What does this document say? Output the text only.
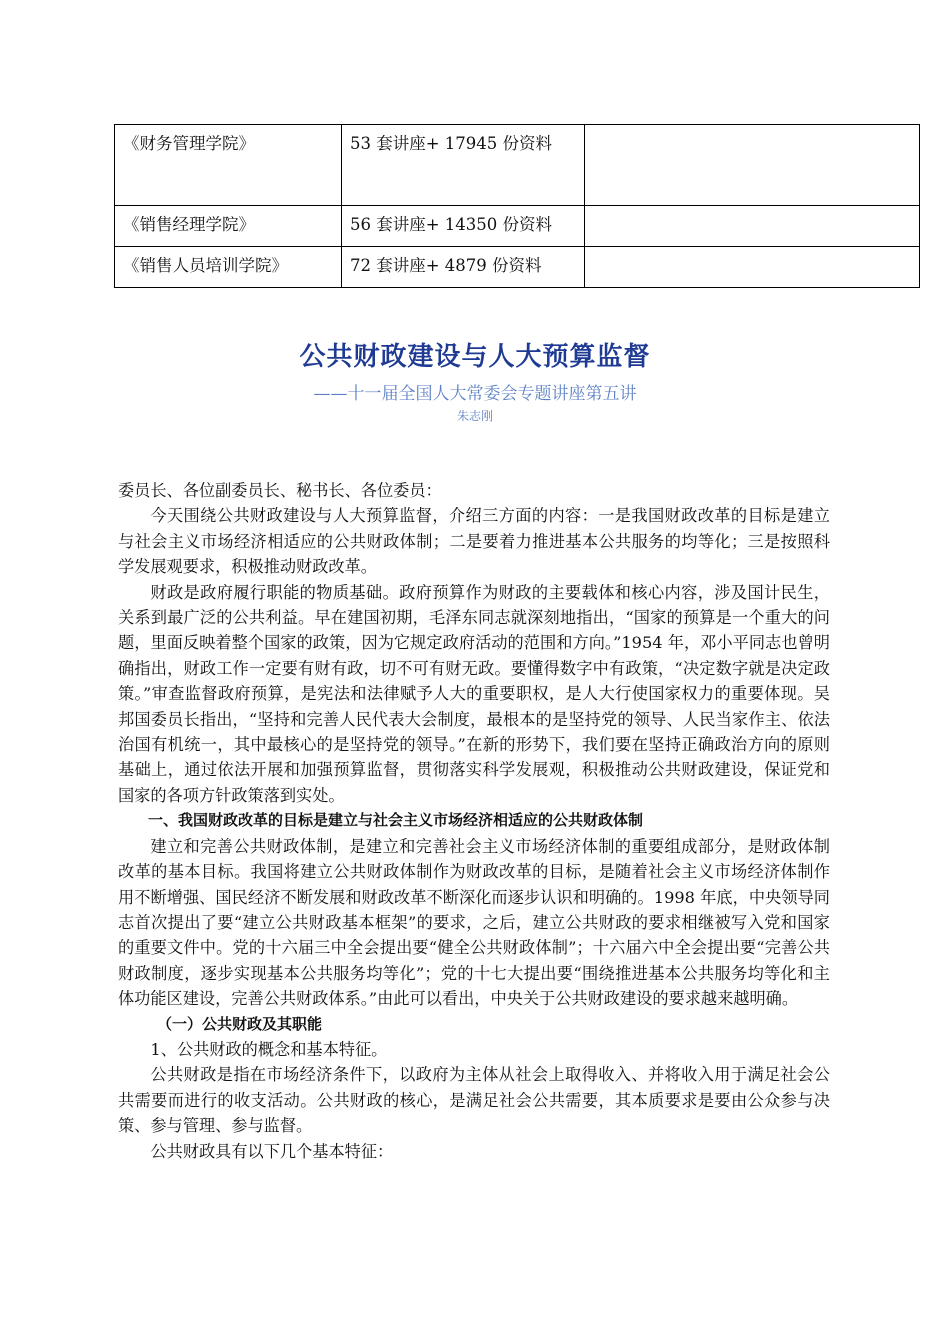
《财务管理学院》	53 套讲座+ 17945 份资料	
《销售经理学院》	56 套讲座+ 14350 份资料	
《销售人员培训学院》	72 套讲座+ 4879 份资料	
公共财政建设与人大预算监督
——十一届全国人大常委会专题讲座第五讲
朱志刚

委员长、各位副委员长、秘书长、各位委员：

今天围绕公共财政建设与人大预算监督，介绍三方面的内容：一是我国财政改革的目标是建立与社会主义市场经济相适应的公共财政体制；二是要着力推进基本公共服务的均等化；三是按照科学发展观要求，积极推动财政改革。

财政是政府履行职能的物质基础。政府预算作为财政的主要载体和核心内容，涉及国计民生，关系到最广泛的公共利益。早在建国初期，毛泽东同志就深刻地指出，“国家的预算是一个重大的问题，里面反映着整个国家的政策，因为它规定政府活动的范围和方向。”1954 年，邓小平同志也曾明确指出，财政工作一定要有财有政，切不可有财无政。要懂得数字中有政策，“决定数字就是决定政策。”审查监督政府预算，是宪法和法律赋予人大的重要职权，是人大行使国家权力的重要体现。吴邦国委员长指出，“坚持和完善人民代表大会制度，最根本的是坚持党的领导、人民当家作主、依法治国有机统一，其中最核心的是坚持党的领导。”在新的形势下，我们要在坚持正确政治方向的原则基础上，通过依法开展和加强预算监督，贯彻落实科学发展观，积极推动公共财政建设，保证党和国家的各项方针政策落到实处。

一、我国财政改革的目标是建立与社会主义市场经济相适应的公共财政体制

建立和完善公共财政体制，是建立和完善社会主义市场经济体制的重要组成部分，是财政体制改革的基本目标。我国将建立公共财政体制作为财政改革的目标，是随着社会主义市场经济体制作用不断增强、国民经济不断发展和财政改革不断深化而逐步认识和明确的。1998 年底，中央领导同志首次提出了要“建立公共财政基本框架”的要求，之后，建立公共财政的要求相继被写入党和国家的重要文件中。党的十六届三中全会提出要“健全公共财政体制”；十六届六中全会提出要“完善公共财政制度，逐步实现基本公共服务均等化”；党的十七大提出要“围绕推进基本公共服务均等化和主体功能区建设，完善公共财政体系。”由此可以看出，中央关于公共财政建设的要求越来越明确。

（一）公共财政及其职能

1、公共财政的概念和基本特征。

公共财政是指在市场经济条件下，以政府为主体从社会上取得收入、并将收入用于满足社会公共需要而进行的收支活动。公共财政的核心，是满足社会公共需要，其本质要求是要由公众参与决策、参与管理、参与监督。

公共财政具有以下几个基本特征：
